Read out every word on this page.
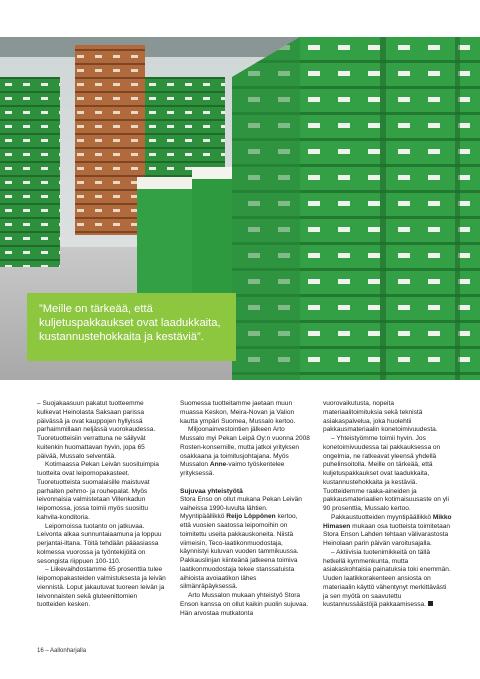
”Meille on tärkeää, että kuljetuspakkaukset ovat laadukkaita, kustannustehokkaita ja kestäviä”.

– Suojakaasuun pakatut tuotteemme kulkevat Heinolasta Saksaan parissa päivässä ja ovat kauppojen hyllyissä parhaimmillaan neljässä vuorokaudessa. Tuoretuotteisiin verrattuna ne säilyvät kuitenkin huomattavan hyvin, jopa 65 päivää, Mussalo selventää.

Kotimaassa Pekan Leivän suosituimpia tuotteita ovat leipomopakasteet. Tuoretuotteista suomalaisille maistuvat parhaiten pehmo- ja rouhepalat. Myös leivonnaisia valmistetaan Villenkadun leipomossa, jossa toimii myös suosittu kahvila-konditoria.

Leipomoissa tuotanto on jatkuvaa. Leivonta alkaa sunnuntaiaamuna ja loppuu perjantai-iltana. Töitä tehdään pääasiassa kolmessa vuorossa ja työntekijöitä on sesongista riippuen 100-110.

– Liikevaihdostamme 65 prosenttia tulee leipomopakasteiden valmistuksesta ja leivän viennistä. Loput jakautuvat tuoreen leivän ja leivonnaisten sekä gluteenittomien tuotteiden kesken.

Suomessa tuotteitamme jaetaan muun muassa Keskon, Meira-Novan ja Valion kautta ympäri Suomea, Mussalo kertoo.

Miljoonainvestointien jälkeen Arto Mussalo myi Pekan Leipä Oy:n vuonna 2008 Rosten-konsernille, mutta jatkoi yrityksen osakkaana ja toimitusjohtajana. Myös Mussalon Anne-vaimo työskentelee yrityksessä.

Sujuvaa yhteistyötä

Stora Enso on ollut mukana Pekan Leivän vaiheissa 1990-luvulta lähtien. Myyntipäällikkö Reijo Löppönen kertoo, että vuosien saatossa leipomoihin on toimitettu useita pakkauskoneita. Niistä viimeisin, Teco-laatikonmuodostaja, käynnistyi kuluvan vuoden tammikuussa. Pakkauslinjan kiinteänä jatkeena toimiva laatikonmuodostaja tekee stanssatuista aihioista avoiaatikon lähes silmänräpäyksessä.

Arto Mussalon mukaan yhteistyö Stora Enson kanssa on ollut kaikin puolin sujuvaa. Hän arvostaa mutkatonta

vuorovaikutusta, nopeita materiaalitoimituksia sekä teknistä asiakaspalvelua, joka huolehtii pakkausmateriaalin koneto​imivuudesta.

– Yhteistyömme toimii hyvin. Jos konetoimivuudessa tai pakkauksessa on ongelmia, ne ratkeavat yleensä yhdellä puhelinsoitolla. Meille on tärkeää, että kuljetuspakkaukset ovat laadukkaita, kustannustehokkaita ja kestäviä. Tuotteidemme raaka-aineiden ja pakkausmateriaalien kotimaisuusaste on yli 90 prosenttia, Mussalo kertoo.

Pakkaustuotteiden myyntipäällikkö Mikko Himasen mukaan osa tuotteista toimitetaan Stora Enson Lahden tehtaan välivarastosta Heinolaan parin päivän varoitusajalla.

– Aktiivisia tuotenimikkeitä on tällä hetkellä kymmenkunta, mutta asiakaskohtaisia painatuksia toki enemmän. Uuden laatikkorakenteen ansiosta on materiaalin käyttö vähentynyt merkittävästi ja sen myötä on saavutettu kustannussäästöjä pakkaamisessa.

16 – Aallonharjalla
